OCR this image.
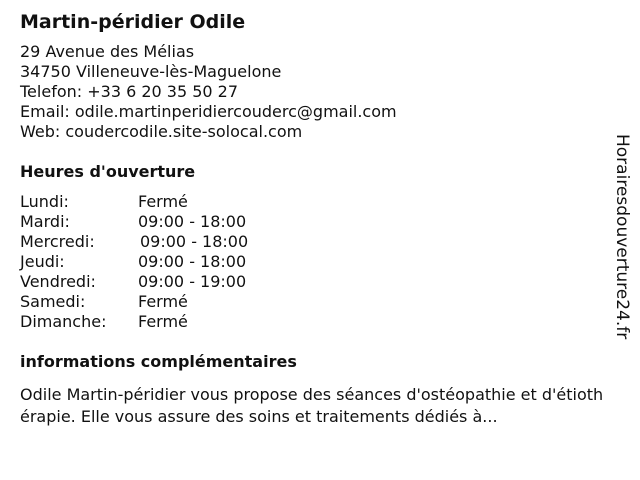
Martin-péridier Odile
29 Avenue des Mélias
34750 Villeneuve-lès-Maguelone
Telefon: +33 6 20 35 50 27
Email: odile.martinperidiercouderc@gmail.com
Web: coudercodile.site-solocal.com
Heures d'ouverture
Lundi:	Fermé
Mardi:	09:00 - 18:00
Mercredi:	09:00 - 18:00
Jeudi:	09:00 - 18:00
Vendredi:	09:00 - 19:00
Samedi:	Fermé
Dimanche:	Fermé
informations complémentaires
Odile Martin-péridier vous propose des séances d'ostéopathie et d'étiothérapie. Elle vous assure des soins et traitements dédiés à...
Horairesdouverture24.fr
